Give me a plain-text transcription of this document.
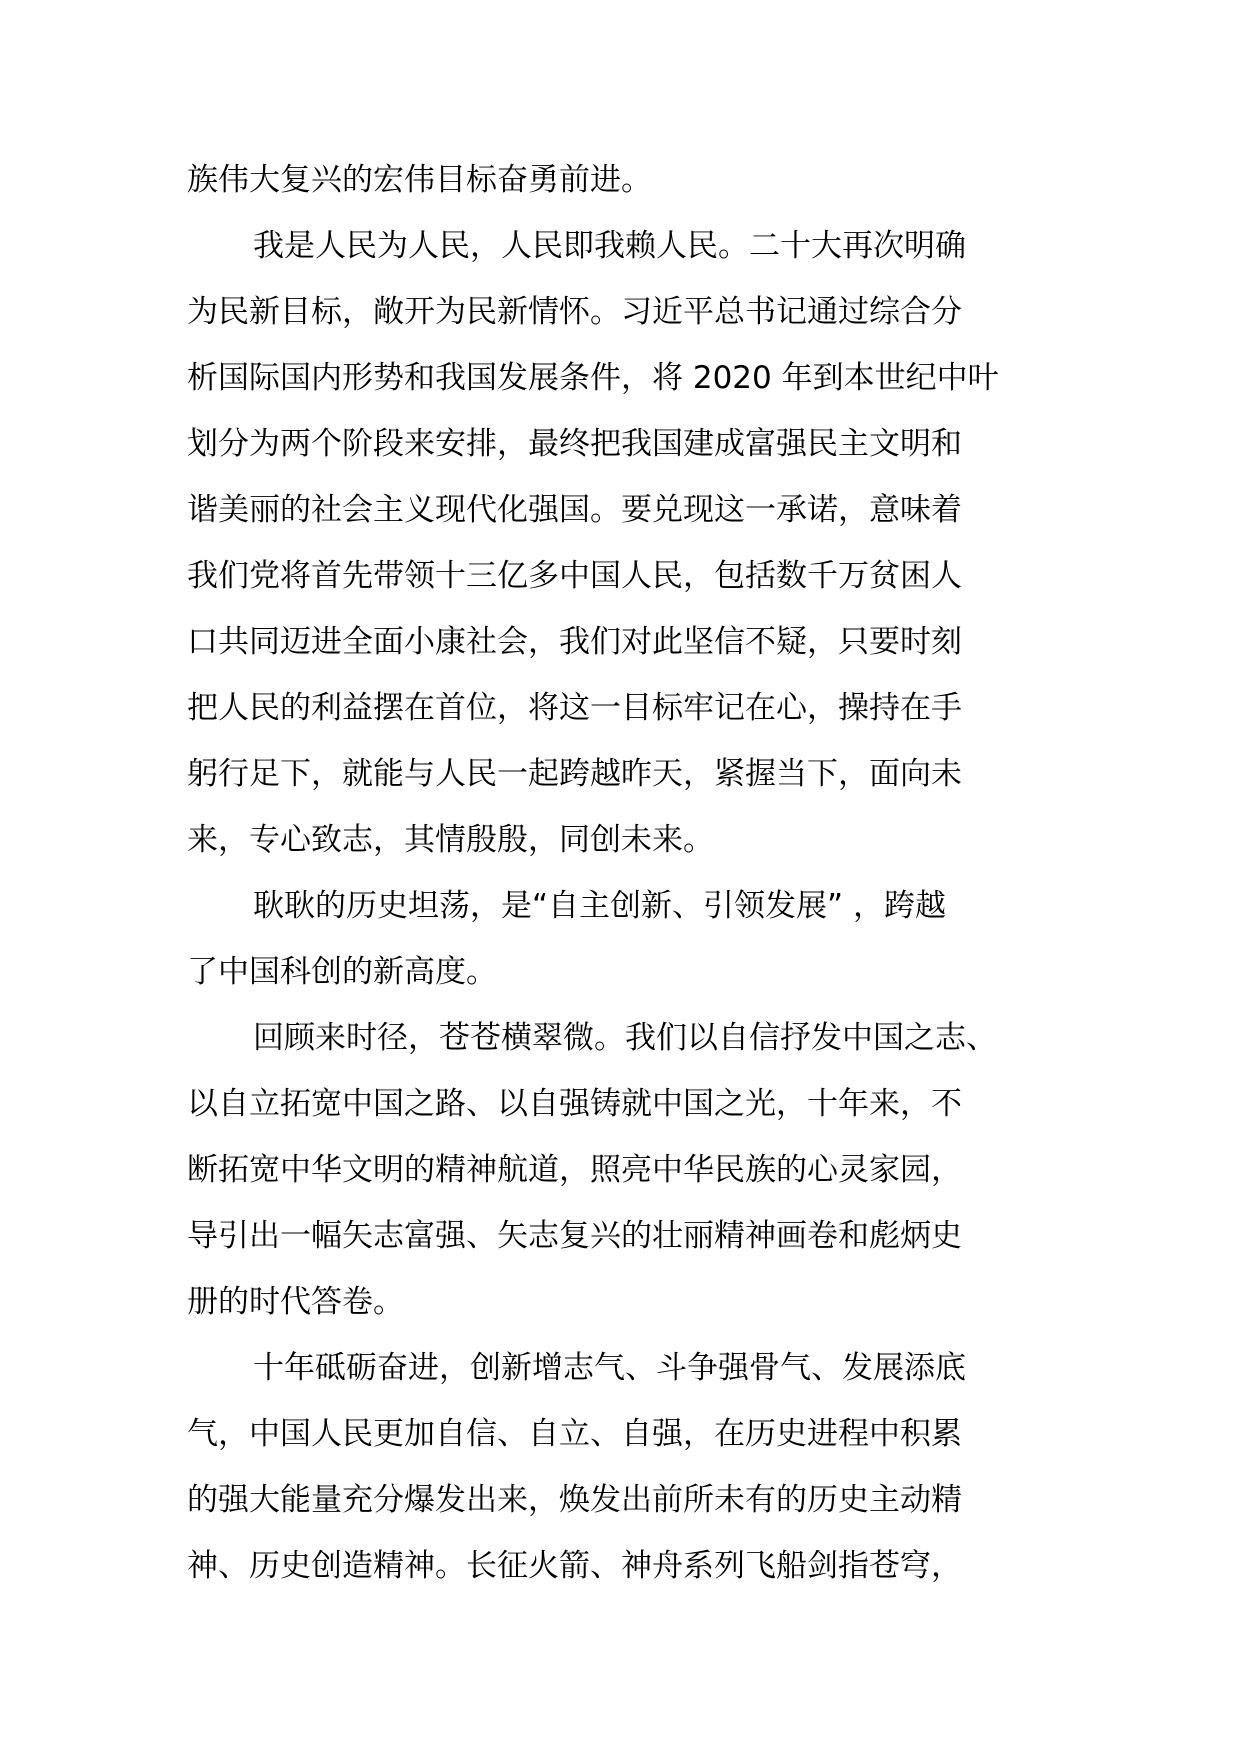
族伟大复兴的宏伟目标奋勇前进。
我是人民为人民，人民即我赖人民。二十大再次明确
为民新目标，敞开为民新情怀。习近平总书记通过综合分
析国际国内形势和我国发展条件，将 2020 年到本世纪中叶
划分为两个阶段来安排，最终把我国建成富强民主文明和
谐美丽的社会主义现代化强国。要兑现这一承诺，意味着
我们党将首先带领十三亿多中国人民，包括数千万贫困人
口共同迈进全面小康社会，我们对此坚信不疑，只要时刻
把人民的利益摆在首位，将这一目标牢记在心，操持在手
躬行足下，就能与人民一起跨越昨天，紧握当下，面向未
来，专心致志，其情殷殷，同创未来。
耿耿的历史坦荡，是“自主创新、引领发展” ，跨越
了中国科创的新高度。
回顾来时径，苍苍横翠微。我们以自信抒发中国之志、
以自立拓宽中国之路、以自强铸就中国之光，十年来，不
断拓宽中华文明的精神航道，照亮中华民族的心灵家园，
导引出一幅矢志富强、矢志复兴的壮丽精神画卷和彪炳史
册的时代答卷。
十年砥砺奋进，创新增志气、斗争强骨气、发展添底
气，中国人民更加自信、自立、自强，在历史进程中积累
的强大能量充分爆发出来，焕发出前所未有的历史主动精
神、历史创造精神。长征火箭、神舟系列飞船剑指苍穹，
